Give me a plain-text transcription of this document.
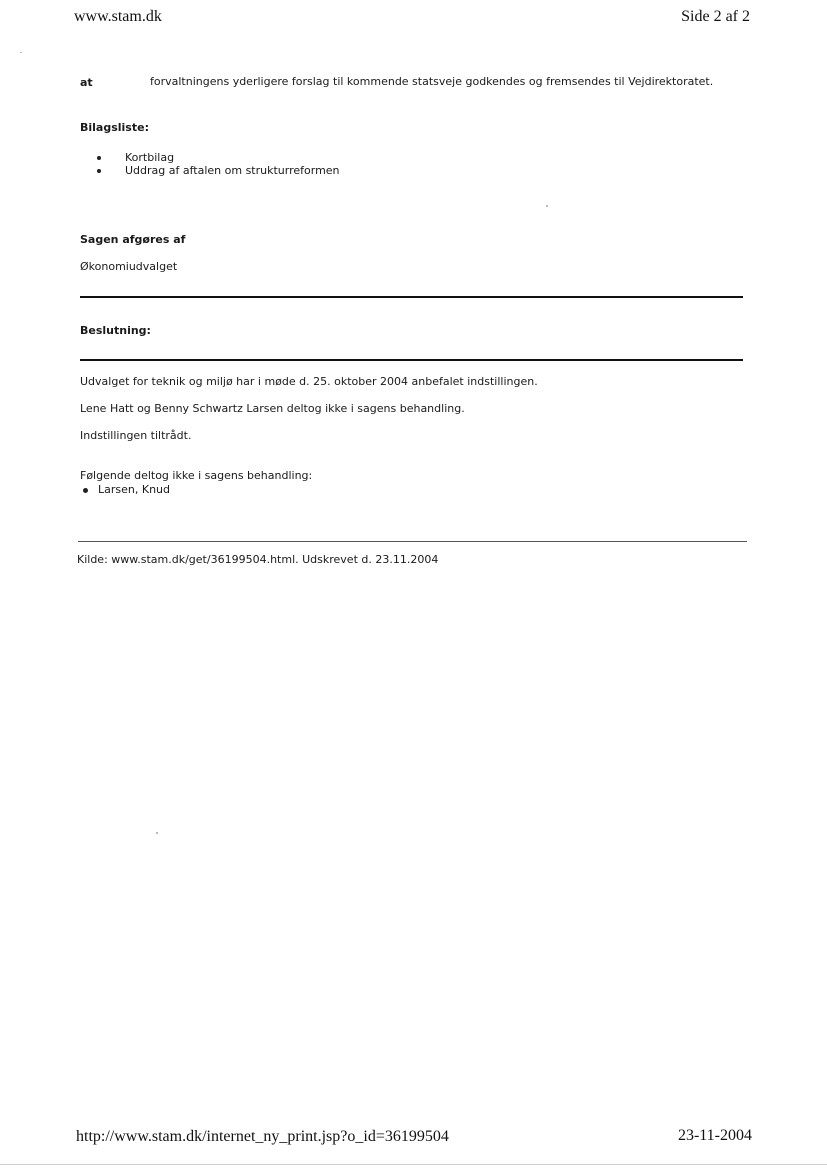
www.stam.dk	Side 2 af 2
at	forvaltningens yderligere forslag til kommende statsveje godkendes og fremsendes til Vejdirektoratet.
Bilagsliste:
Kortbilag
Uddrag af aftalen om strukturreformen
Sagen afgøres af
Økonomiudvalget
Beslutning:
Udvalget for teknik og miljø har i møde d. 25. oktober 2004 anbefalet indstillingen.
Lene Hatt og Benny Schwartz Larsen deltog ikke i sagens behandling.
Indstillingen tiltrådt.
Følgende deltog ikke i sagens behandling:
Larsen, Knud
Kilde: www.stam.dk/get/36199504.html. Udskrevet d. 23.11.2004
http://www.stam.dk/internet_ny_print.jsp?o_id=36199504	23-11-2004
